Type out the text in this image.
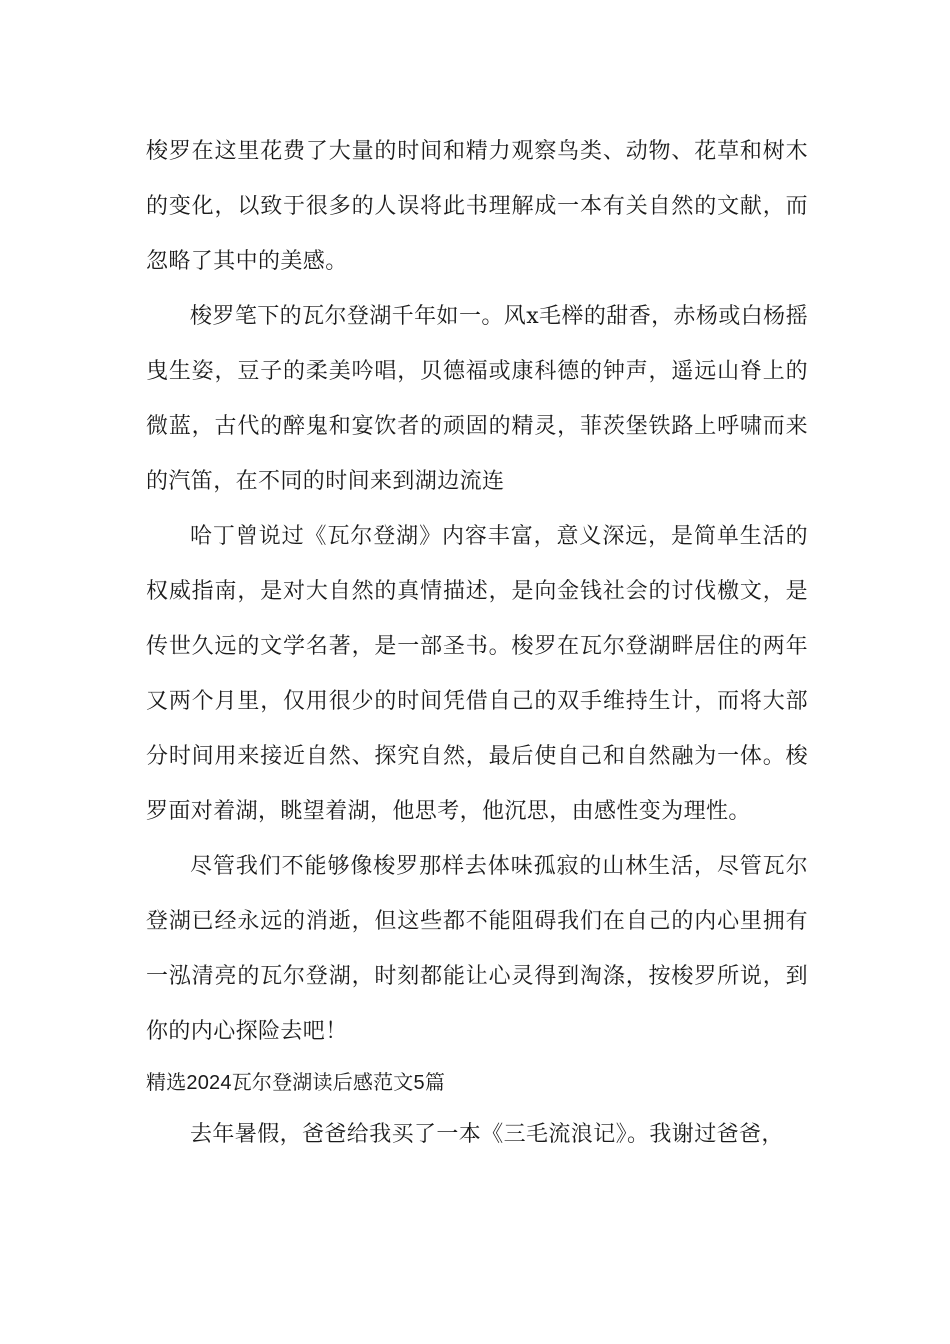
梭罗在这里花费了大量的时间和精力观察鸟类、动物、花草和树木的变化，以致于很多的人误将此书理解成一本有关自然的文献，而忽略了其中的美感。

梭罗笔下的瓦尔登湖千年如一。风x毛榉的甜香，赤杨或白杨摇曳生姿，豆子的柔美吟唱，贝德福或康科德的钟声，遥远山脊上的微蓝，古代的醉鬼和宴饮者的顽固的精灵，菲茨堡铁路上呼啸而来的汽笛，在不同的时间来到湖边流连

哈丁曾说过《瓦尔登湖》内容丰富，意义深远，是简单生活的权威指南，是对大自然的真情描述，是向金钱社会的讨伐檄文，是传世久远的文学名著，是一部圣书。梭罗在瓦尔登湖畔居住的两年又两个月里，仅用很少的时间凭借自己的双手维持生计，而将大部分时间用来接近自然、探究自然，最后使自己和自然融为一体。梭罗面对着湖，眺望着湖，他思考，他沉思，由感性变为理性。

尽管我们不能够像梭罗那样去体味孤寂的山林生活，尽管瓦尔登湖已经永远的消逝，但这些都不能阻碍我们在自己的内心里拥有一泓清亮的瓦尔登湖，时刻都能让心灵得到淘涤，按梭罗所说，到你的内心探险去吧！

精选2024瓦尔登湖读后感范文5篇

去年暑假，爸爸给我买了一本《三毛流浪记》。我谢过爸爸，
